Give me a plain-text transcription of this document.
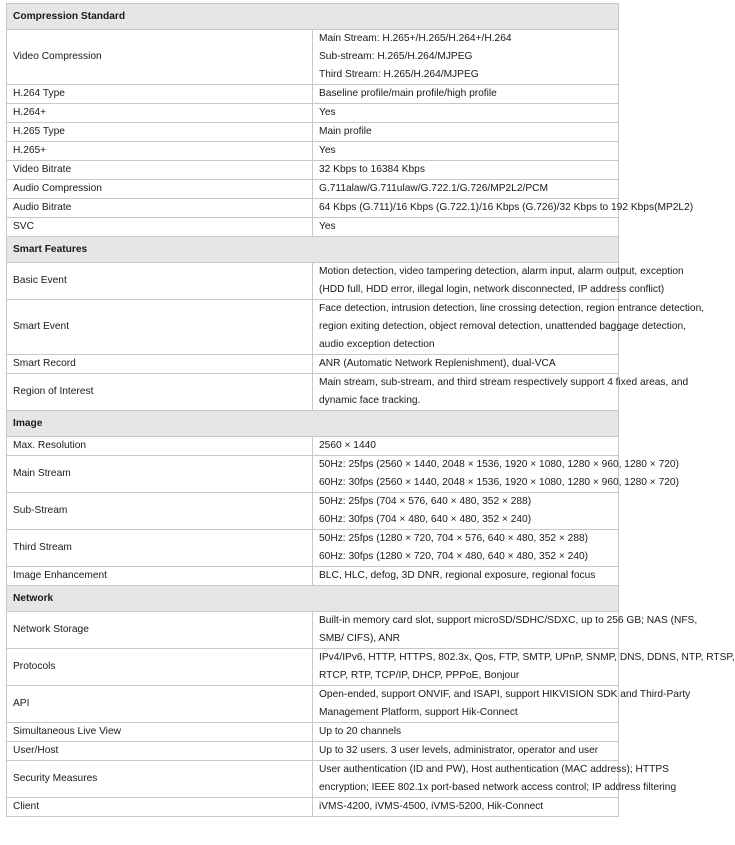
Compression Standard	
Video Compression	Main Stream: H.265+/H.265/H.264+/H.264
Sub-stream: H.265/H.264/MJPEG
Third Stream: H.265/H.264/MJPEG

H.264 Type	Baseline profile/main profile/high profile

H.264+	Yes

H.265 Type	Main profile

H.265+	Yes

Video Bitrate	32 Kbps to 16384 Kbps

Audio Compression	G.711alaw/G.711ulaw/G.722.1/G.726/MP2L2/PCM

Audio Bitrate	64 Kbps (G.711)/16 Kbps (G.722.1)/16 Kbps (G.726)/32 Kbps to 192 Kbps(MP2L2)

SVC	Yes

Smart Features	
Basic Event	Motion detection, video tampering detection, alarm input, alarm output, exception
(HDD full, HDD error, illegal login, network disconnected, IP address conflict)

Smart Event	Face detection, intrusion detection, line crossing detection, region entrance detection,
region exiting detection, object removal detection, unattended baggage detection,
audio exception detection

Smart Record	ANR (Automatic Network Replenishment), dual-VCA

Region of Interest	Main stream, sub-stream, and third stream respectively support 4 fixed areas, and
dynamic face tracking.

Image	
Max. Resolution	2560 × 1440

Main Stream	50Hz: 25fps (2560 × 1440, 2048 × 1536, 1920 × 1080, 1280 × 960, 1280 × 720)
60Hz: 30fps (2560 × 1440, 2048 × 1536, 1920 × 1080, 1280 × 960, 1280 × 720)

Sub-Stream	50Hz: 25fps (704 × 576, 640 × 480, 352 × 288)
60Hz: 30fps (704 × 480, 640 × 480, 352 × 240)

Third Stream	50Hz: 25fps (1280 × 720, 704 × 576, 640 × 480, 352 × 288)
60Hz: 30fps (1280 × 720, 704 × 480, 640 × 480, 352 × 240)

Image Enhancement	BLC, HLC, defog, 3D DNR, regional exposure, regional focus

Network	
Network Storage	Built-in memory card slot, support microSD/SDHC/SDXC, up to 256 GB; NAS (NFS,
SMB/ CIFS), ANR

Protocols	IPv4/IPv6, HTTP, HTTPS, 802.3x, Qos, FTP, SMTP, UPnP, SNMP, DNS, DDNS, NTP, RTSP,
RTCP, RTP, TCP/IP, DHCP, PPPoE, Bonjour

API	Open-ended, support ONVIF, and ISAPI, support HIKVISION SDK and Third-Party
Management Platform, support Hik-Connect

Simultaneous Live View	Up to 20 channels

User/Host	Up to 32 users. 3 user levels, administrator, operator and user

Security Measures	User authentication (ID and PW), Host authentication (MAC address); HTTPS
encryption; IEEE 802.1x port-based network access control; IP address filtering

Client	iVMS-4200, iVMS-4500, iVMS-5200, Hik-Connect
